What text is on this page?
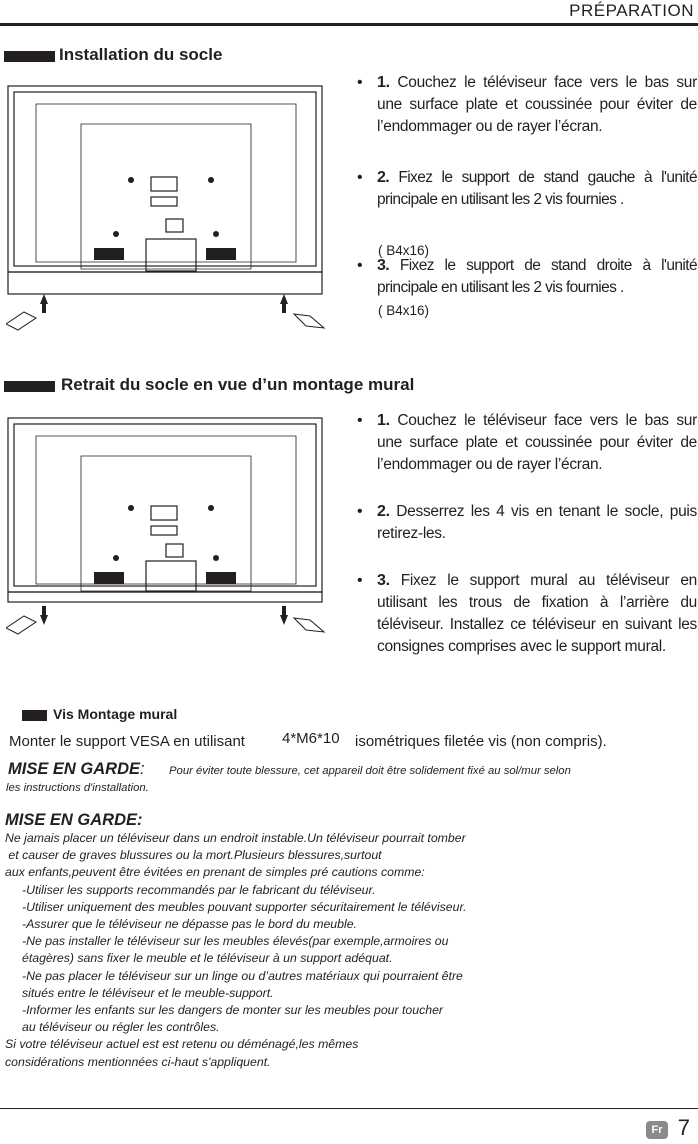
PRÉPARATION
Installation du socle
• 1. Couchez le téléviseur face vers le bas sur une surface plate et coussinée pour éviter de l’endommager ou de rayer l’écran.
• 2. Fixez le support de stand gauche à l'unité principale en utilisant les 2 vis fournies .
( B4x16)
• 3. Fixez le support de stand droite à l'unité principale en utilisant les 2 vis fournies .
( B4x16)
Retrait du socle en vue d’un montage mural
• 1. Couchez le téléviseur face vers le bas sur une surface plate et coussinée pour éviter de l’endommager ou de rayer l’écran.
• 2. Desserrez les 4 vis en tenant le socle, puis retirez-les.
• 3. Fixez le support mural au téléviseur en utilisant les trous de fixation à l’arrière du téléviseur. Installez ce téléviseur en suivant les consignes comprises avec le support mural.
Vis Montage mural
Monter le support VESA en utilisant 4*M6*10 isométriques filetée vis (non compris).
MISE EN GARDE: Pour éviter toute blessure, cet appareil doit être solidement fixé au sol/mur selon
les instructions d'installation.
MISE EN GARDE:
Ne jamais placer un téléviseur dans un endroit instable.Un téléviseur pourrait tomber
et causer de graves blussures ou la mort.Plusieurs blessures,surtout
aux enfants,peuvent être évitées en prenant de simples pré cautions comme:
-Utiliser les supports recommandés par le fabricant du téléviseur.
-Utiliser uniquement des meubles pouvant supporter sécuritairement le téléviseur.
-Assurer que le téléviseur ne dépasse pas le bord du meuble.
-Ne pas installer le téléviseur sur les meubles élevés(par exemple,armoires ou
étagères) sans fixer le meuble et le téléviseur à un support adéquat.
-Ne pas placer le téléviseur sur un linge ou d’autres matériaux qui pourraient être
situés entre le téléviseur et le meuble-support.
-Informer les enfants sur les dangers de monter sur les meubles pour toucher
au téléviseur ou régler les contrôles.
Si votre téléviseur actuel est est retenu ou déménagé,les mêmes
considérations mentionnées ci-haut s'appliquent.
Fr 7
